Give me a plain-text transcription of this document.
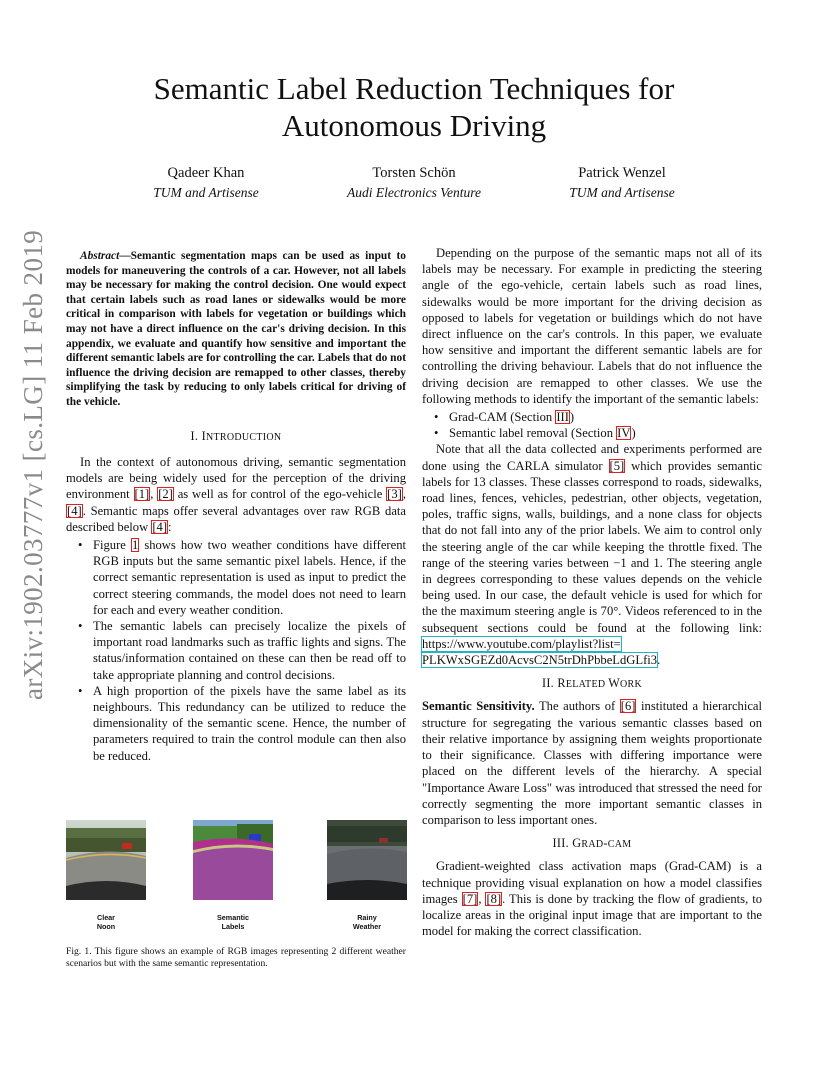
Semantic Label Reduction Techniques for
Autonomous Driving
Qadeer Khan
TUM and Artisense
Torsten Schön
Audi Electronics Venture
Patrick Wenzel
TUM and Artisense
arXiv:1902.03777v1 [cs.LG] 11 Feb 2019	Abstract—Semantic segmentation maps can be used as input to models for maneuvering the controls of a car. However, not all labels may be necessary for making the control decision. One would expect that certain labels such as road lanes or sidewalks would be more critical in comparison with labels for vegetation or buildings which may not have a direct influence on the car's driving decision. In this appendix, we evaluate and quantify how sensitive and important the different semantic labels are for controlling the car. Labels that do not influence the driving decision are remapped to other classes, thereby simplifying the task by reducing to only labels critical for driving of the vehicle.

I. INTRODUCTION

In the context of autonomous driving, semantic segmentation models are being widely used for the perception of the driving environment [1], [2] as well as for control of the ego-vehicle [3], [4]. Semantic maps offer several advantages over raw RGB data described below [4]:

• Figure 1 shows how two weather conditions have different RGB inputs but the same semantic pixel labels. Hence, if the correct semantic representation is used as input to predict the correct steering commands, the model does not need to learn for each and every weather condition.
• The semantic labels can precisely localize the pixels of important road landmarks such as traffic lights and signs. The status/information contained on these can then be read off to take appropriate planning and control decisions.
• A high proportion of the pixels have the same label as its neighbours. This redundancy can be utilized to reduce the dimensionality of the semantic scene. Hence, the number of parameters required to train the control module can then also be reduced.
Clear
Noon
Semantic
Labels
Rainy
Weather
Fig. 1. This figure shows an example of RGB images representing 2 different weather scenarios but with the same semantic representation.

Depending on the purpose of the semantic maps not all of its labels may be necessary. For example in predicting the steering angle of the ego-vehicle, certain labels such as road lines, sidewalks would be more important for the driving decision as opposed to labels for vegetation or buildings which do not have direct influence on the car's controls. In this paper, we evaluate how sensitive and important the different semantic labels are for controlling the driving behaviour. Labels that do not influence the driving decision are remapped to other classes. We use the following methods to identify the important of the semantic labels:

• Grad-CAM (Section III)
• Semantic label removal (Section IV)

Note that all the data collected and experiments performed are done using the CARLA simulator [5] which provides semantic labels for 13 classes. These classes correspond to roads, sidewalks, road lines, fences, vehicles, pedestrian, other objects, vegetation, poles, traffic signs, walls, buildings, and a none class for objects that do not fall into any of the prior labels. We aim to control only the steering angle of the car while keeping the throttle fixed. The range of the steering varies between −1 and 1. The steering angle in degrees corresponding to these values depends on the vehicle being used. In our case, the default vehicle is used for which for the the maximum steering angle is 70°. Videos referenced to in the subsequent sections could be found at the following link: https://www.youtube.com/playlist?list= PLKWxSGEZd0AcvsC2N5trDhPbbeLdGLfi3.

II. RELATED WORK

Semantic Sensitivity. The authors of [6] instituted a hierarchical structure for segregating the various semantic classes based on their relative importance by assigning them weights proportionate to their significance. Classes with differing importance were placed on the different levels of the hierarchy. A special "Importance Aware Loss" was introduced that stressed the need for correctly segmenting the more important semantic classes in comparison to less important ones.

III. GRAD-CAM

Gradient-weighted class activation maps (Grad-CAM) is a technique providing visual explanation on how a model classifies images [7], [8]. This is done by tracking the flow of gradients, to localize areas in the original input image that are important to the model for making the correct classification.
